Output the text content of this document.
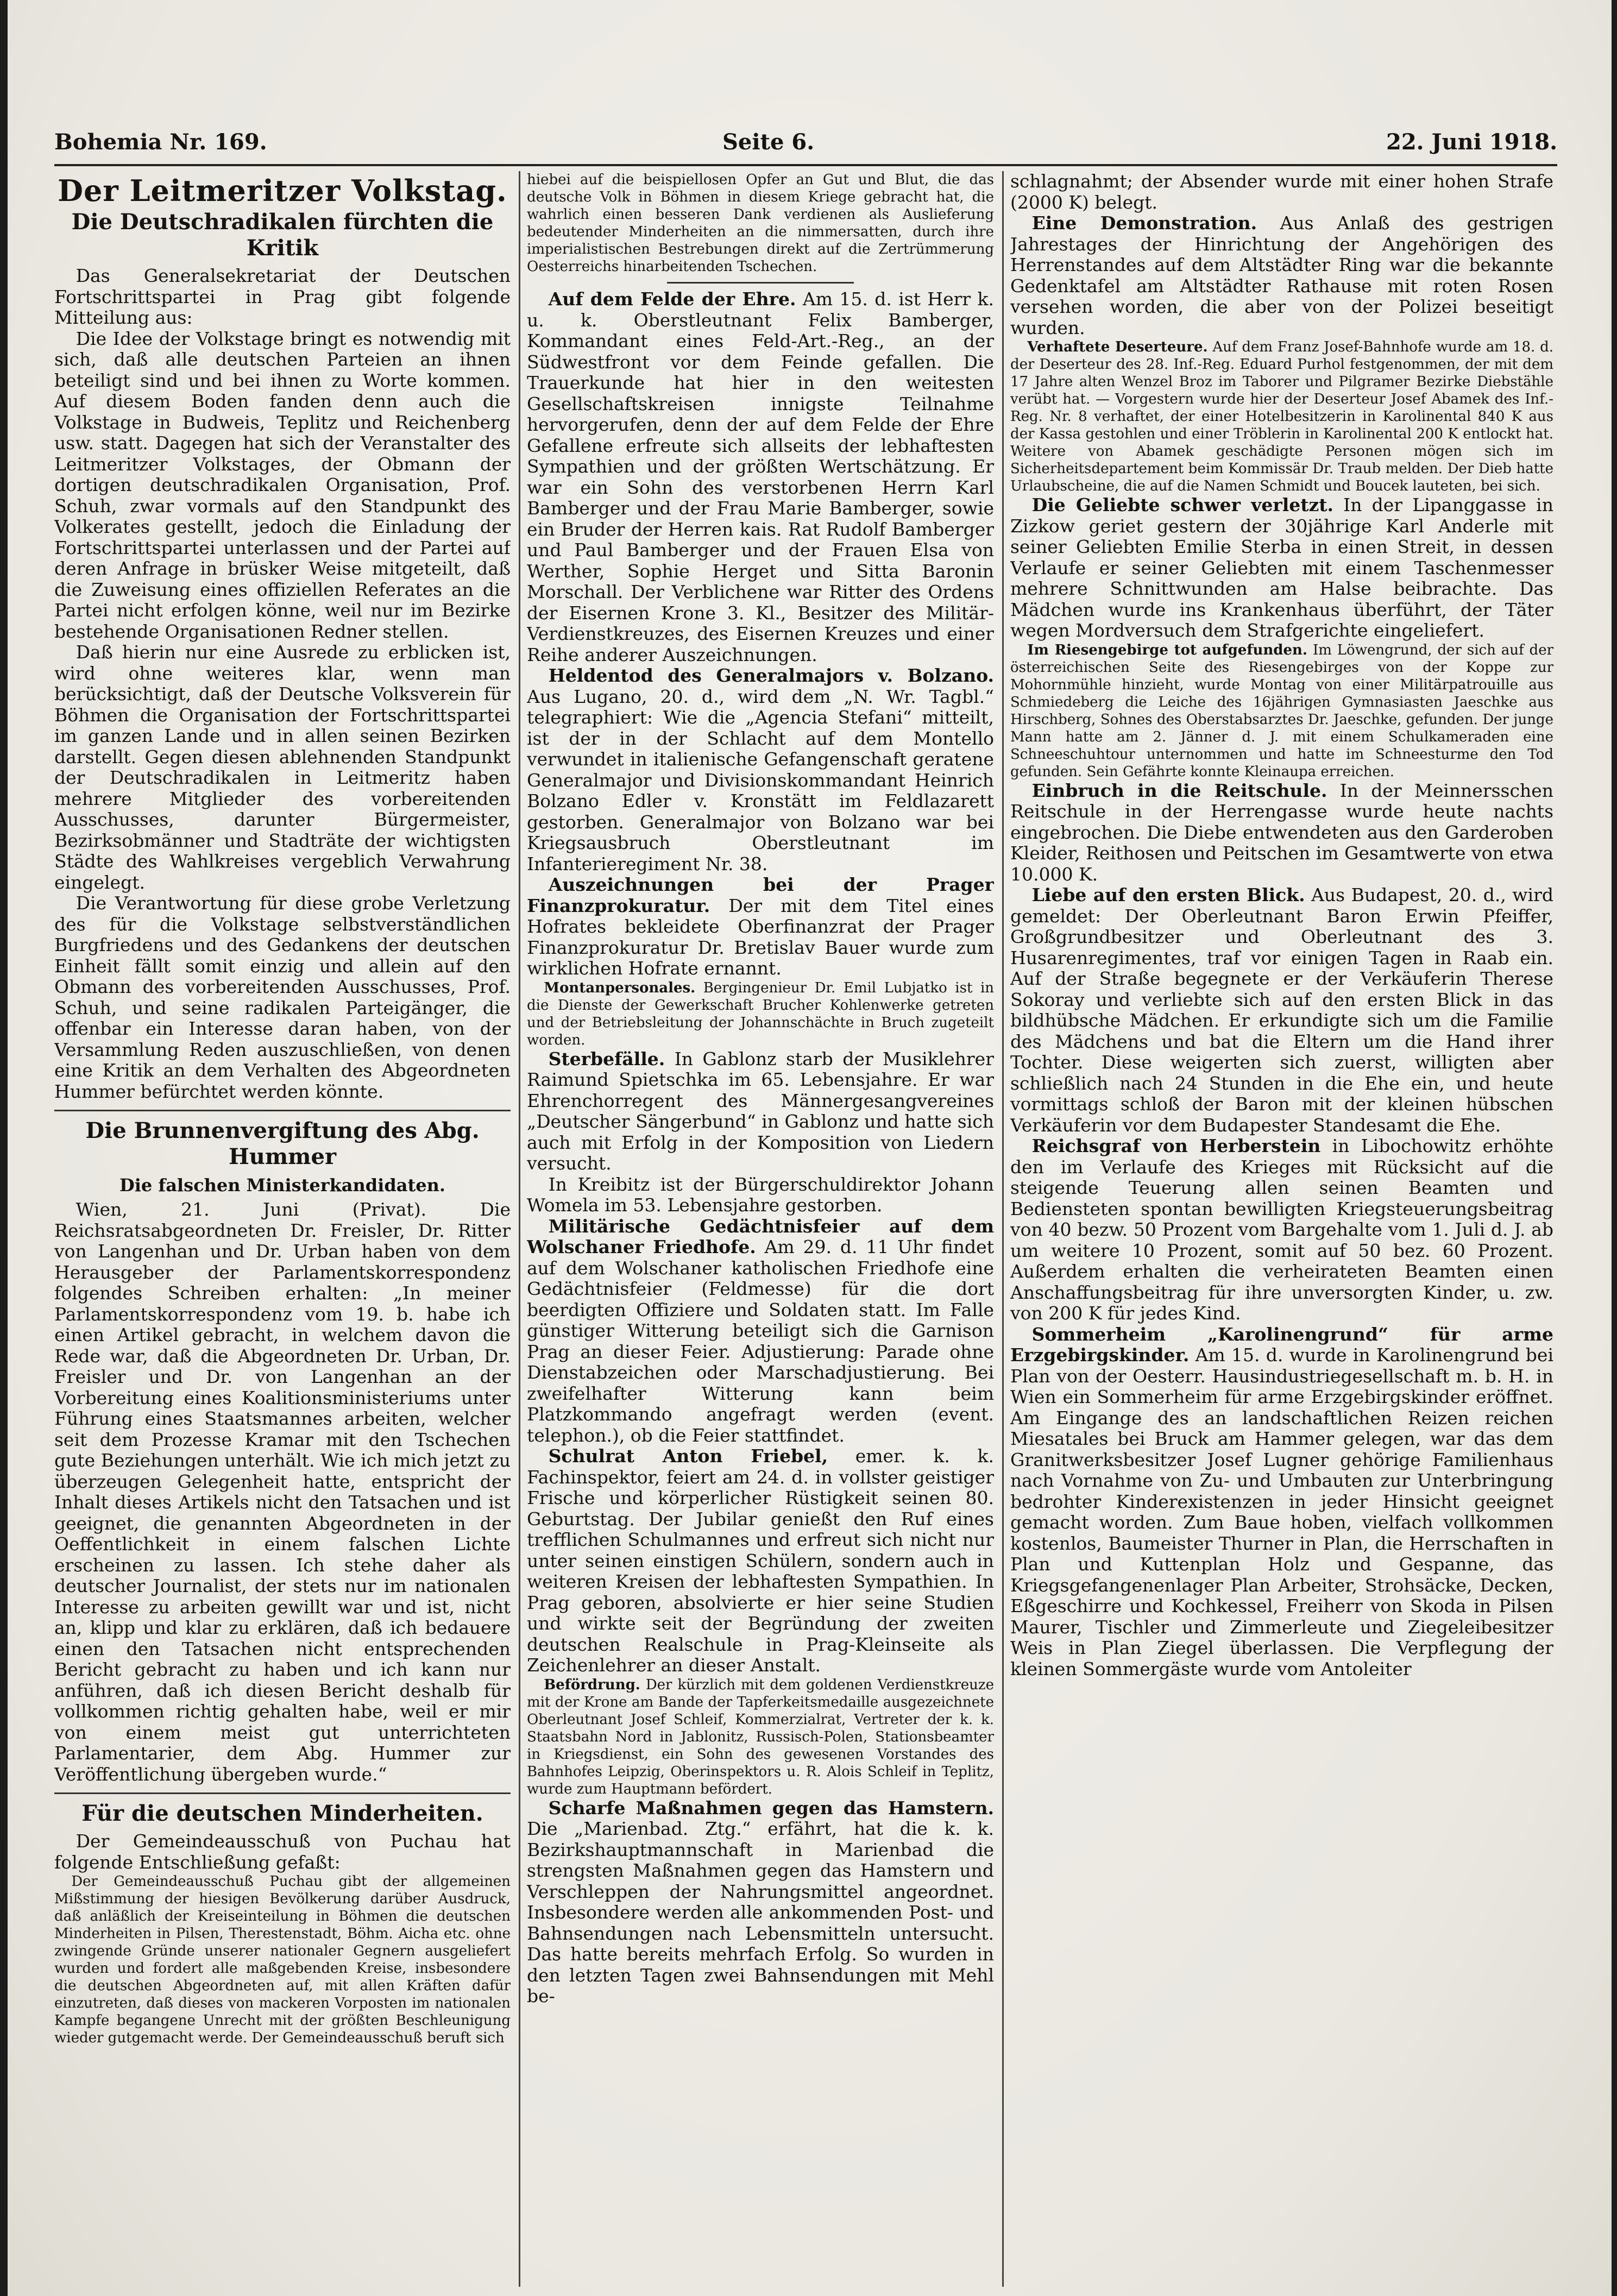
Bohemia Nr. 169.	Seite 6.	22. Juni 1918.
Der Leitmeritzer Volkstag.
Die Deutschradikalen fürchten die Kritik

Das Generalsekretariat der Deutschen Fortschrittspartei in Prag gibt folgende Mitteilung aus:

Die Idee der Volkstage bringt es notwendig mit sich, daß alle deutschen Parteien an ihnen beteiligt sind und bei ihnen zu Worte kommen. Auf diesem Boden fanden denn auch die Volkstage in Budweis, Teplitz und Reichenberg usw. statt. Dagegen hat sich der Veranstalter des Leitmeritzer Volkstages, der Obmann der dortigen deutschradikalen Organisation, Prof. Schuh, zwar vormals auf den Standpunkt des Volkerates gestellt, jedoch die Einladung der Fortschrittspartei unterlassen und der Partei auf deren Anfrage in brüsker Weise mitgeteilt, daß die Zuweisung eines offiziellen Referates an die Partei nicht erfolgen könne, weil nur im Bezirke bestehende Organisationen Redner stellen.

Daß hierin nur eine Ausrede zu erblicken ist, wird ohne weiteres klar, wenn man berücksichtigt, daß der Deutsche Volksverein für Böhmen die Organisation der Fortschrittspartei im ganzen Lande und in allen seinen Bezirken darstellt. Gegen diesen ablehnenden Standpunkt der Deutschradikalen in Leitmeritz haben mehrere Mitglieder des vorbereitenden Ausschusses, darunter Bürgermeister, Bezirksobmänner und Stadträte der wichtigsten Städte des Wahlkreises vergeblich Verwahrung eingelegt.

Die Verantwortung für diese grobe Verletzung des für die Volkstage selbstverständlichen Burgfriedens und des Gedankens der deutschen Einheit fällt somit einzig und allein auf den Obmann des vorbereitenden Ausschusses, Prof. Schuh, und seine radikalen Parteigänger, die offenbar ein Interesse daran haben, von der Versammlung Reden auszuschließen, von denen eine Kritik an dem Verhalten des Abgeordneten Hummer befürchtet werden könnte.

Die Brunnenvergiftung des Abg. Hummer
Die falschen Ministerkandidaten.

Wien, 21. Juni (Privat). Die Reichsratsabgeordneten Dr. Freisler, Dr. Ritter von Langenhan und Dr. Urban haben von dem Herausgeber der Parlamentskorrespondenz folgendes Schreiben erhalten: „In meiner Parlamentskorrespondenz vom 19. b. habe ich einen Artikel gebracht, in welchem davon die Rede war, daß die Abgeordneten Dr. Urban, Dr. Freisler und Dr. von Langenhan an der Vorbereitung eines Koalitionsministeriums unter Führung eines Staatsmannes arbeiten, welcher seit dem Prozesse Kramar mit den Tschechen gute Beziehungen unterhält. Wie ich mich jetzt zu überzeugen Gelegenheit hatte, entspricht der Inhalt dieses Artikels nicht den Tatsachen und ist geeignet, die genannten Abgeordneten in der Oeffentlichkeit in einem falschen Lichte erscheinen zu lassen. Ich stehe daher als deutscher Journalist, der stets nur im nationalen Interesse zu arbeiten gewillt war und ist, nicht an, klipp und klar zu erklären, daß ich bedauere einen den Tatsachen nicht entsprechenden Bericht gebracht zu haben und ich kann nur anführen, daß ich diesen Bericht deshalb für vollkommen richtig gehalten habe, weil er mir von einem meist gut unterrichteten Parlamentarier, dem Abg. Hummer zur Veröffentlichung übergeben wurde.“

Für die deutschen Minderheiten.

Der Gemeindeausschuß von Puchau hat folgende Entschließung gefaßt:

Der Gemeindeausschuß Puchau gibt der allgemeinen Mißstimmung der hiesigen Bevölkerung darüber Ausdruck, daß anläßlich der Kreiseinteilung in Böhmen die deutschen Minderheiten in Pilsen, Therestenstadt, Böhm. Aicha etc. ohne zwingende Gründe unserer nationaler Gegnern ausgeliefert wurden und fordert alle maßgebenden Kreise, insbesondere die deutschen Abgeordneten auf, mit allen Kräften dafür einzutreten, daß dieses von mackeren Vorposten im nationalen Kampfe begangene Unrecht mit der größten Beschleunigung wieder gutgemacht werde. Der Gemeindeausschuß beruft sich

hiebei auf die beispiellosen Opfer an Gut und Blut, die das deutsche Volk in Böhmen in diesem Kriege gebracht hat, die wahrlich einen besseren Dank verdienen als Auslieferung bedeutender Minderheiten an die nimmersatten, durch ihre imperialistischen Bestrebungen direkt auf die Zertrümmerung Oesterreichs hinarbeitenden Tschechen.

Auf dem Felde der Ehre. Am 15. d. ist Herr k. u. k. Oberstleutnant Felix Bamberger, Kommandant eines Feld-Art.-Reg., an der Südwestfront vor dem Feinde gefallen. Die Trauerkunde hat hier in den weitesten Gesellschaftskreisen innigste Teilnahme hervorgerufen, denn der auf dem Felde der Ehre Gefallene erfreute sich allseits der lebhaftesten Sympathien und der größten Wertschätzung. Er war ein Sohn des verstorbenen Herrn Karl Bamberger und der Frau Marie Bamberger, sowie ein Bruder der Herren kais. Rat Rudolf Bamberger und Paul Bamberger und der Frauen Elsa von Werther, Sophie Herget und Sitta Baronin Morschall. Der Verblichene war Ritter des Ordens der Eisernen Krone 3. Kl., Besitzer des Militär-Verdienstkreuzes, des Eisernen Kreuzes und einer Reihe anderer Auszeichnungen.

Heldentod des Generalmajors v. Bolzano. Aus Lugano, 20. d., wird dem „N. Wr. Tagbl.“ telegraphiert: Wie die „Agencia Stefani“ mitteilt, ist der in der Schlacht auf dem Montello verwundet in italienische Gefangenschaft geratene Generalmajor und Divisionskommandant Heinrich Bolzano Edler v. Kronstätt im Feldlazarett gestorben. Generalmajor von Bolzano war bei Kriegsausbruch Oberstleutnant im Infanterieregiment Nr. 38.

Auszeichnungen bei der Prager Finanzprokuratur. Der mit dem Titel eines Hofrates bekleidete Oberfinanzrat der Prager Finanzprokuratur Dr. Bretislav Bauer wurde zum wirklichen Hofrate ernannt.

Montanpersonales. Bergingenieur Dr. Emil Lubjatko ist in die Dienste der Gewerkschaft Brucher Kohlenwerke getreten und der Betriebsleitung der Johannschächte in Bruch zugeteilt worden.

Sterbefälle. In Gablonz starb der Musiklehrer Raimund Spietschka im 65. Lebensjahre. Er war Ehrenchorregent des Männergesangvereines „Deutscher Sängerbund“ in Gablonz und hatte sich auch mit Erfolg in der Komposition von Liedern versucht.

In Kreibitz ist der Bürgerschuldirektor Johann Womela im 53. Lebensjahre gestorben.

Militärische Gedächtnisfeier auf dem Wolschaner Friedhofe. Am 29. d. 11 Uhr findet auf dem Wolschaner katholischen Friedhofe eine Gedächtnisfeier (Feldmesse) für die dort beerdigten Offiziere und Soldaten statt. Im Falle günstiger Witterung beteiligt sich die Garnison Prag an dieser Feier. Adjustierung: Parade ohne Dienstabzeichen oder Marschadjustierung. Bei zweifelhafter Witterung kann beim Platzkommando angefragt werden (event. telephon.), ob die Feier stattfindet.

Schulrat Anton Friebel, emer. k. k. Fachinspektor, feiert am 24. d. in vollster geistiger Frische und körperlicher Rüstigkeit seinen 80. Geburtstag. Der Jubilar genießt den Ruf eines trefflichen Schulmannes und erfreut sich nicht nur unter seinen einstigen Schülern, sondern auch in weiteren Kreisen der lebhaftesten Sympathien. In Prag geboren, absolvierte er hier seine Studien und wirkte seit der Begründung der zweiten deutschen Realschule in Prag-Kleinseite als Zeichenlehrer an dieser Anstalt.

Befördrung. Der kürzlich mit dem goldenen Verdienstkreuze mit der Krone am Bande der Tapferkeitsmedaille ausgezeichnete Oberleutnant Josef Schleif, Kommerzialrat, Vertreter der k. k. Staatsbahn Nord in Jablonitz, Russisch-Polen, Stationsbeamter in Kriegsdienst, ein Sohn des gewesenen Vorstandes des Bahnhofes Leipzig, Oberinspektors u. R. Alois Schleif in Teplitz, wurde zum Hauptmann befördert.

Scharfe Maßnahmen gegen das Hamstern. Die „Marienbad. Ztg.“ erfährt, hat die k. k. Bezirkshauptmannschaft in Marienbad die strengsten Maßnahmen gegen das Hamstern und Verschleppen der Nahrungsmittel angeordnet. Insbesondere werden alle ankommenden Post- und Bahnsendungen nach Lebensmitteln untersucht. Das hatte bereits mehrfach Erfolg. So wurden in den letzten Tagen zwei Bahnsendungen mit Mehl be-

schlagnahmt; der Absender wurde mit einer hohen Strafe (2000 K) belegt.

Eine Demonstration. Aus Anlaß des gestrigen Jahrestages der Hinrichtung der Angehörigen des Herrenstandes auf dem Altstädter Ring war die bekannte Gedenktafel am Altstädter Rathause mit roten Rosen versehen worden, die aber von der Polizei beseitigt wurden.

Verhaftete Deserteure. Auf dem Franz Josef-Bahnhofe wurde am 18. d. der Deserteur des 28. Inf.-Reg. Eduard Purhol festgenommen, der mit dem 17 Jahre alten Wenzel Broz im Taborer und Pilgramer Bezirke Diebstähle verübt hat. — Vorgestern wurde hier der Deserteur Josef Abamek des Inf.-Reg. Nr. 8 verhaftet, der einer Hotelbesitzerin in Karolinental 840 K aus der Kassa gestohlen und einer Tröblerin in Karolinental 200 K entlockt hat. Weitere von Abamek geschädigte Personen mögen sich im Sicherheitsdepartement beim Kommissär Dr. Traub melden. Der Dieb hatte Urlaubscheine, die auf die Namen Schmidt und Boucek lauteten, bei sich.

Die Geliebte schwer verletzt. In der Lipanggasse in Zizkow geriet gestern der 30jährige Karl Anderle mit seiner Geliebten Emilie Sterba in einen Streit, in dessen Verlaufe er seiner Geliebten mit einem Taschenmesser mehrere Schnittwunden am Halse beibrachte. Das Mädchen wurde ins Krankenhaus überführt, der Täter wegen Mordversuch dem Strafgerichte eingeliefert.

Im Riesengebirge tot aufgefunden. Im Löwengrund, der sich auf der österreichischen Seite des Riesengebirges von der Koppe zur Mohornmühle hinzieht, wurde Montag von einer Militärpatrouille aus Schmiedeberg die Leiche des 16jährigen Gymnasiasten Jaeschke aus Hirschberg, Sohnes des Oberstabsarztes Dr. Jaeschke, gefunden. Der junge Mann hatte am 2. Jänner d. J. mit einem Schulkameraden eine Schneeschuhtour unternommen und hatte im Schneesturme den Tod gefunden. Sein Gefährte konnte Kleinaupa erreichen.

Einbruch in die Reitschule. In der Meinnersschen Reitschule in der Herrengasse wurde heute nachts eingebrochen. Die Diebe entwendeten aus den Garderoben Kleider, Reithosen und Peitschen im Gesamtwerte von etwa 10.000 K.

Liebe auf den ersten Blick. Aus Budapest, 20. d., wird gemeldet: Der Oberleutnant Baron Erwin Pfeiffer, Großgrundbesitzer und Oberleutnant des 3. Husarenregimentes, traf vor einigen Tagen in Raab ein. Auf der Straße begegnete er der Verkäuferin Therese Sokoray und verliebte sich auf den ersten Blick in das bildhübsche Mädchen. Er erkundigte sich um die Familie des Mädchens und bat die Eltern um die Hand ihrer Tochter. Diese weigerten sich zuerst, willigten aber schließlich nach 24 Stunden in die Ehe ein, und heute vormittags schloß der Baron mit der kleinen hübschen Verkäuferin vor dem Budapester Standesamt die Ehe.

Reichsgraf von Herberstein in Libochowitz erhöhte den im Verlaufe des Krieges mit Rücksicht auf die steigende Teuerung allen seinen Beamten und Bediensteten spontan bewilligten Kriegsteuerungsbeitrag von 40 bezw. 50 Prozent vom Bargehalte vom 1. Juli d. J. ab um weitere 10 Prozent, somit auf 50 bez. 60 Prozent. Außerdem erhalten die verheirateten Beamten einen Anschaffungsbeitrag für ihre unversorgten Kinder, u. zw. von 200 K für jedes Kind.

Sommerheim „Karolinengrund“ für arme Erzgebirgskinder. Am 15. d. wurde in Karolinengrund bei Plan von der Oesterr. Hausindustriegesellschaft m. b. H. in Wien ein Sommerheim für arme Erzgebirgskinder eröffnet. Am Eingange des an landschaftlichen Reizen reichen Miesatales bei Bruck am Hammer gelegen, war das dem Granitwerksbesitzer Josef Lugner gehörige Familienhaus nach Vornahme von Zu- und Umbauten zur Unterbringung bedrohter Kinderexistenzen in jeder Hinsicht geeignet gemacht worden. Zum Baue hoben, vielfach vollkommen kostenlos, Baumeister Thurner in Plan, die Herrschaften in Plan und Kuttenplan Holz und Gespanne, das Kriegsgefangenenlager Plan Arbeiter, Strohsäcke, Decken, Eßgeschirre und Kochkessel, Freiherr von Skoda in Pilsen Maurer, Tischler und Zimmerleute und Ziegeleibesitzer Weis in Plan Ziegel überlassen. Die Verpflegung der kleinen Sommergäste wurde vom Antoleiter
